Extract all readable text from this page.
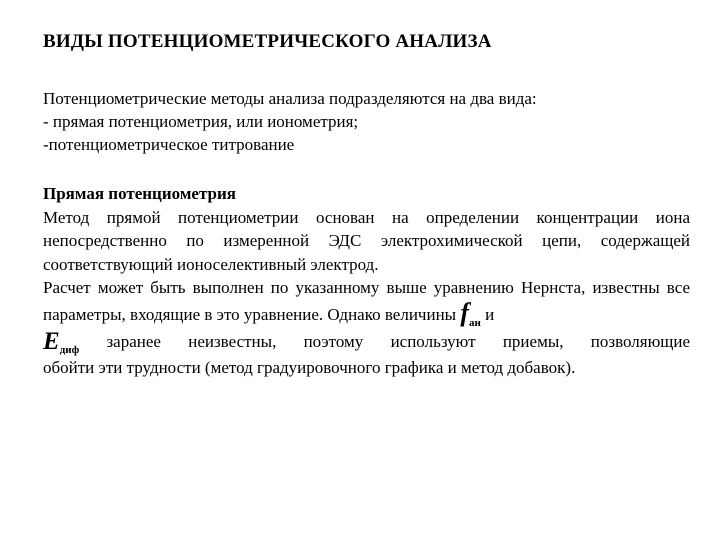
ВИДЫ ПОТЕНЦИОМЕТРИЧЕСКОГО АНАЛИЗА
Потенциометрические методы анализа подразделяются на два вида:
- прямая потенциометрия, или ионометрия;
-потенциометрическое титрование
Прямая потенциометрия
Метод прямой потенциометрии основан на определении концентрации иона непосредственно по измеренной ЭДС электрохимической цепи, содержащей соответствующий ионоселективный электрод.
Расчет может быть выполнен по указанному выше уравнению Нернста, известны все параметры, входящие в это уравнение. Однако величины $f_{ан}$ и
$E_{диф}$ заранее неизвестны, поэтому используют приемы, позволяющие
обойти эти трудности (метод градуировочного графика и метод добавок).
